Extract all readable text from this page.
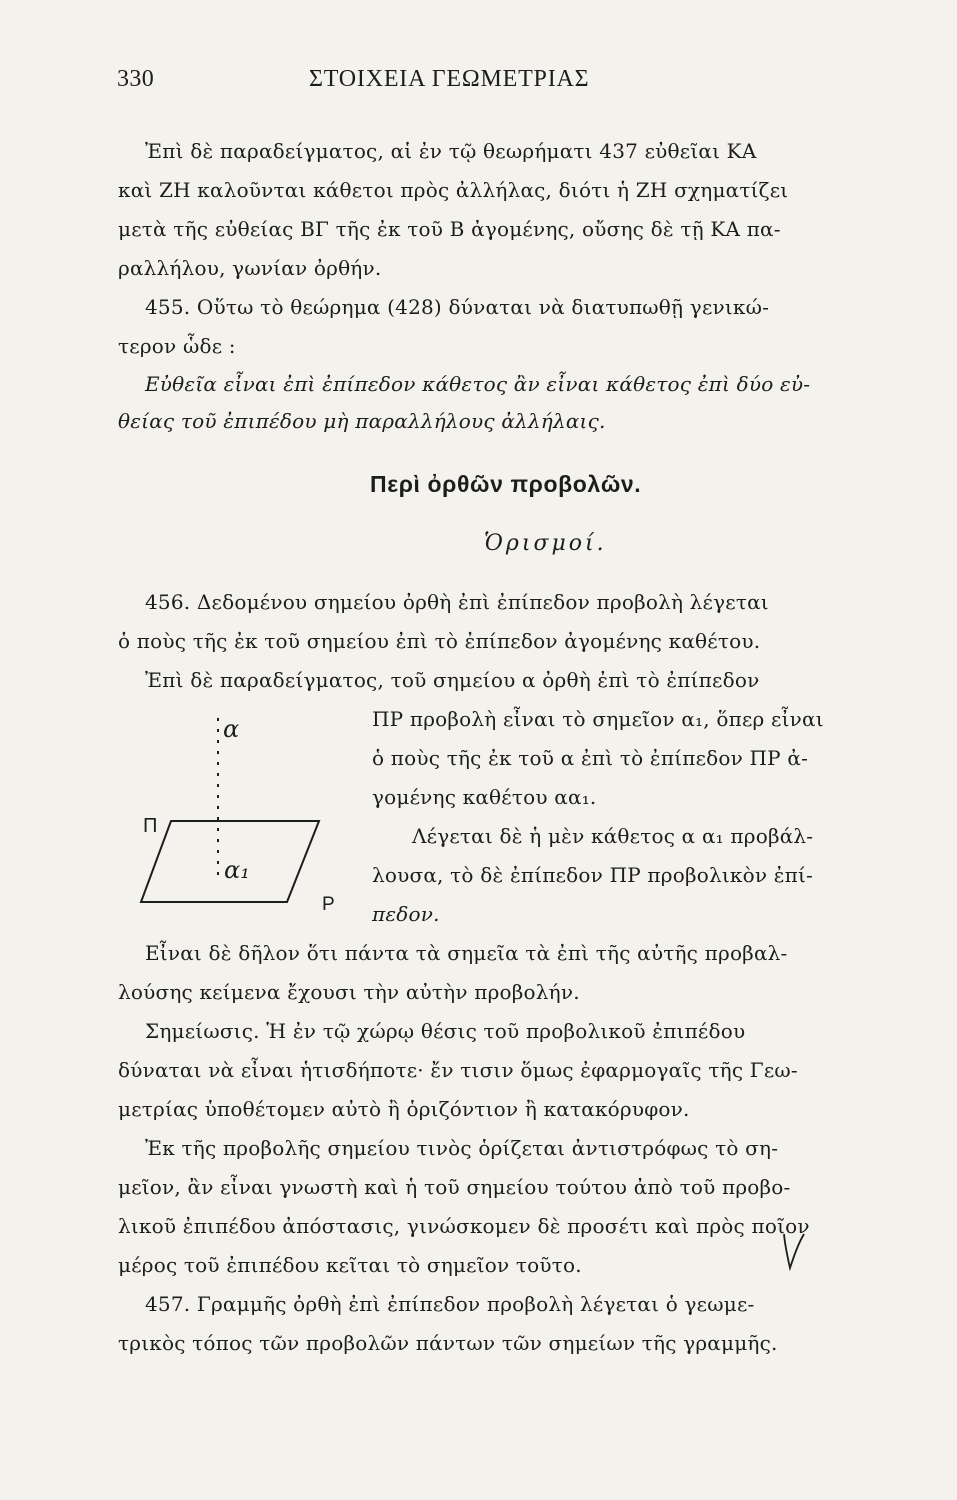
330	ΣΤΟΙΧΕΙΑ ΓΕΩΜΕΤΡΙΑΣ
Ἐπὶ δὲ παραδείγματος, αἱ ἐν τῷ θεωρήματι 437 εὐθεῖαι ΚΑ
καὶ ΖΗ καλοῦνται κάθετοι πρὸς ἀλλήλας, διότι ἡ ΖΗ σχηματίζει
μετὰ τῆς εὐθείας ΒΓ τῆς ἐκ τοῦ Β ἀγομένης, οὔσης δὲ τῇ ΚΑ πα-
ραλλήλου, γωνίαν ὀρθήν.
455. Οὕτω τὸ θεώρημα (428) δύναται νὰ διατυπωθῇ γενικώ-
τερον ὧδε :
Εὐθεῖα εἶναι ἐπὶ ἐπίπεδον κάθετος ἂν εἶναι κάθετος ἐπὶ δύο εὐ-
θείας τοῦ ἐπιπέδου μὴ παραλλήλους ἀλλήλαις.
Περὶ ὀρθῶν προβολῶν.
Ὁρισμοί.
456. Δεδομένου σημείου ὀρθὴ ἐπὶ ἐπίπεδον προβολὴ λέγεται
ὁ ποὺς τῆς ἐκ τοῦ σημείου ἐπὶ τὸ ἐπίπεδον ἀγομένης καθέτου.
Ἐπὶ δὲ παραδείγματος, τοῦ σημείου α ὀρθὴ ἐπὶ τὸ ἐπίπεδον
ΠΡ προβολὴ εἶναι τὸ σημεῖον α₁, ὅπερ εἶναι
ὁ ποὺς τῆς ἐκ τοῦ α ἐπὶ τὸ ἐπίπεδον ΠΡ ἀ-
γομένης καθέτου αα₁.
Λέγεται δὲ ἡ μὲν κάθετος α α₁ προβάλ-
λουσα, τὸ δὲ ἐπίπεδον ΠΡ προβολικὸν ἐπί-
πεδον.
α
α₁
Π
Ρ
Εἶναι δὲ δῆλον ὅτι πάντα τὰ σημεῖα τὰ ἐπὶ τῆς αὐτῆς προβαλ-
λούσης κείμενα ἔχουσι τὴν αὐτὴν προβολήν.
Σημείωσις. Ἡ ἐν τῷ χώρῳ θέσις τοῦ προβολικοῦ ἐπιπέδου
δύναται νὰ εἶναι ἡτισδήποτε· ἔν τισιν ὅμως ἐφαρμογαῖς τῆς Γεω-
μετρίας ὑποθέτομεν αὐτὸ ἢ ὁριζόντιον ἢ κατακόρυφον.
Ἐκ τῆς προβολῆς σημείου τινὸς ὁρίζεται ἀντιστρόφως τὸ ση-
μεῖον, ἂν εἶναι γνωστὴ καὶ ἡ τοῦ σημείου τούτου ἀπὸ τοῦ προβο-
λικοῦ ἐπιπέδου ἀπόστασις, γινώσκομεν δὲ προσέτι καὶ πρὸς ποῖον
μέρος τοῦ ἐπιπέδου κεῖται τὸ σημεῖον τοῦτο.
457. Γραμμῆς ὀρθὴ ἐπὶ ἐπίπεδον προβολὴ λέγεται ὁ γεωμε-
τρικὸς τόπος τῶν προβολῶν πάντων τῶν σημείων τῆς γραμμῆς.
